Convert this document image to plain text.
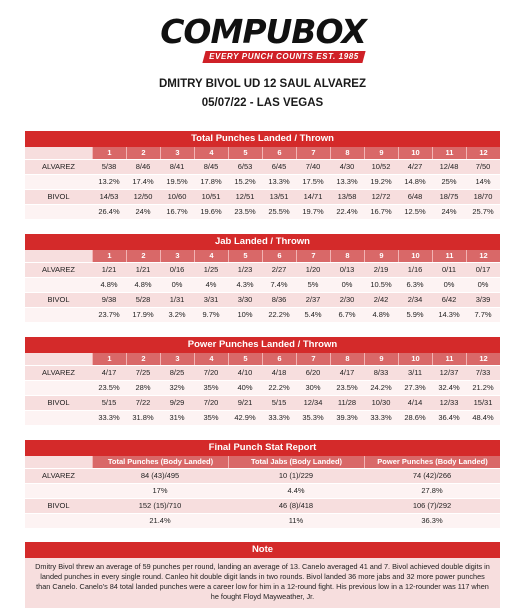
COMPUBOX
EVERY PUNCH COUNTS EST. 1985
DMITRY BIVOL UD 12 SAUL ALVAREZ
05/07/22 - LAS VEGAS
Total Punches Landed / Thrown
1	2	3	4	5	6	7	8	9	10	11	12
ALVAREZ	5/38	8/46	8/41	8/45	6/53	6/45	7/40	4/30	10/52	4/27	12/48	7/50
13.2%	17.4%	19.5%	17.8%	15.2%	13.3%	17.5%	13.3%	19.2%	14.8%	25%	14%
BIVOL	14/53	12/50	10/60	10/51	12/51	13/51	14/71	13/58	12/72	6/48	18/75	18/70
26.4%	24%	16.7%	19.6%	23.5%	25.5%	19.7%	22.4%	16.7%	12.5%	24%	25.7%
Jab Landed / Thrown
1	2	3	4	5	6	7	8	9	10	11	12
ALVAREZ	1/21	1/21	0/16	1/25	1/23	2/27	1/20	0/13	2/19	1/16	0/11	0/17
4.8%	4.8%	0%	4%	4.3%	7.4%	5%	0%	10.5%	6.3%	0%	0%
BIVOL	9/38	5/28	1/31	3/31	3/30	8/36	2/37	2/30	2/42	2/34	6/42	3/39
23.7%	17.9%	3.2%	9.7%	10%	22.2%	5.4%	6.7%	4.8%	5.9%	14.3%	7.7%
Power Punches Landed / Thrown
1	2	3	4	5	6	7	8	9	10	11	12
ALVAREZ	4/17	7/25	8/25	7/20	4/10	4/18	6/20	4/17	8/33	3/11	12/37	7/33
23.5%	28%	32%	35%	40%	22.2%	30%	23.5%	24.2%	27.3%	32.4%	21.2%
BIVOL	5/15	7/22	9/29	7/20	9/21	5/15	12/34	11/28	10/30	4/14	12/33	15/31
33.3%	31.8%	31%	35%	42.9%	33.3%	35.3%	39.3%	33.3%	28.6%	36.4%	48.4%
Final Punch Stat Report
Total Punches (Body Landed)	Total Jabs (Body Landed)	Power Punches (Body Landed)
ALVAREZ	84 (43)/495	10 (1)/229	74 (42)/266
17%	4.4%	27.8%
BIVOL	152 (15)/710	46 (8)/418	106 (7)/292
21.4%	11%	36.3%
Note
Dmitry Bivol threw an average of 59 punches per round, landing an average of 13. Canelo averaged 41 and 7. Bivol achieved double digits in landed punches in every single round. Canleo hit double digit lands in two rounds. Bivol landed 36 more jabs and 32 more power punches than Canelo. Canelo's 84 total landed punches were a career low for him in a 12-round fight. His previous low in a 12-rounder was 117 when he fought Floyd Mayweather, Jr.
